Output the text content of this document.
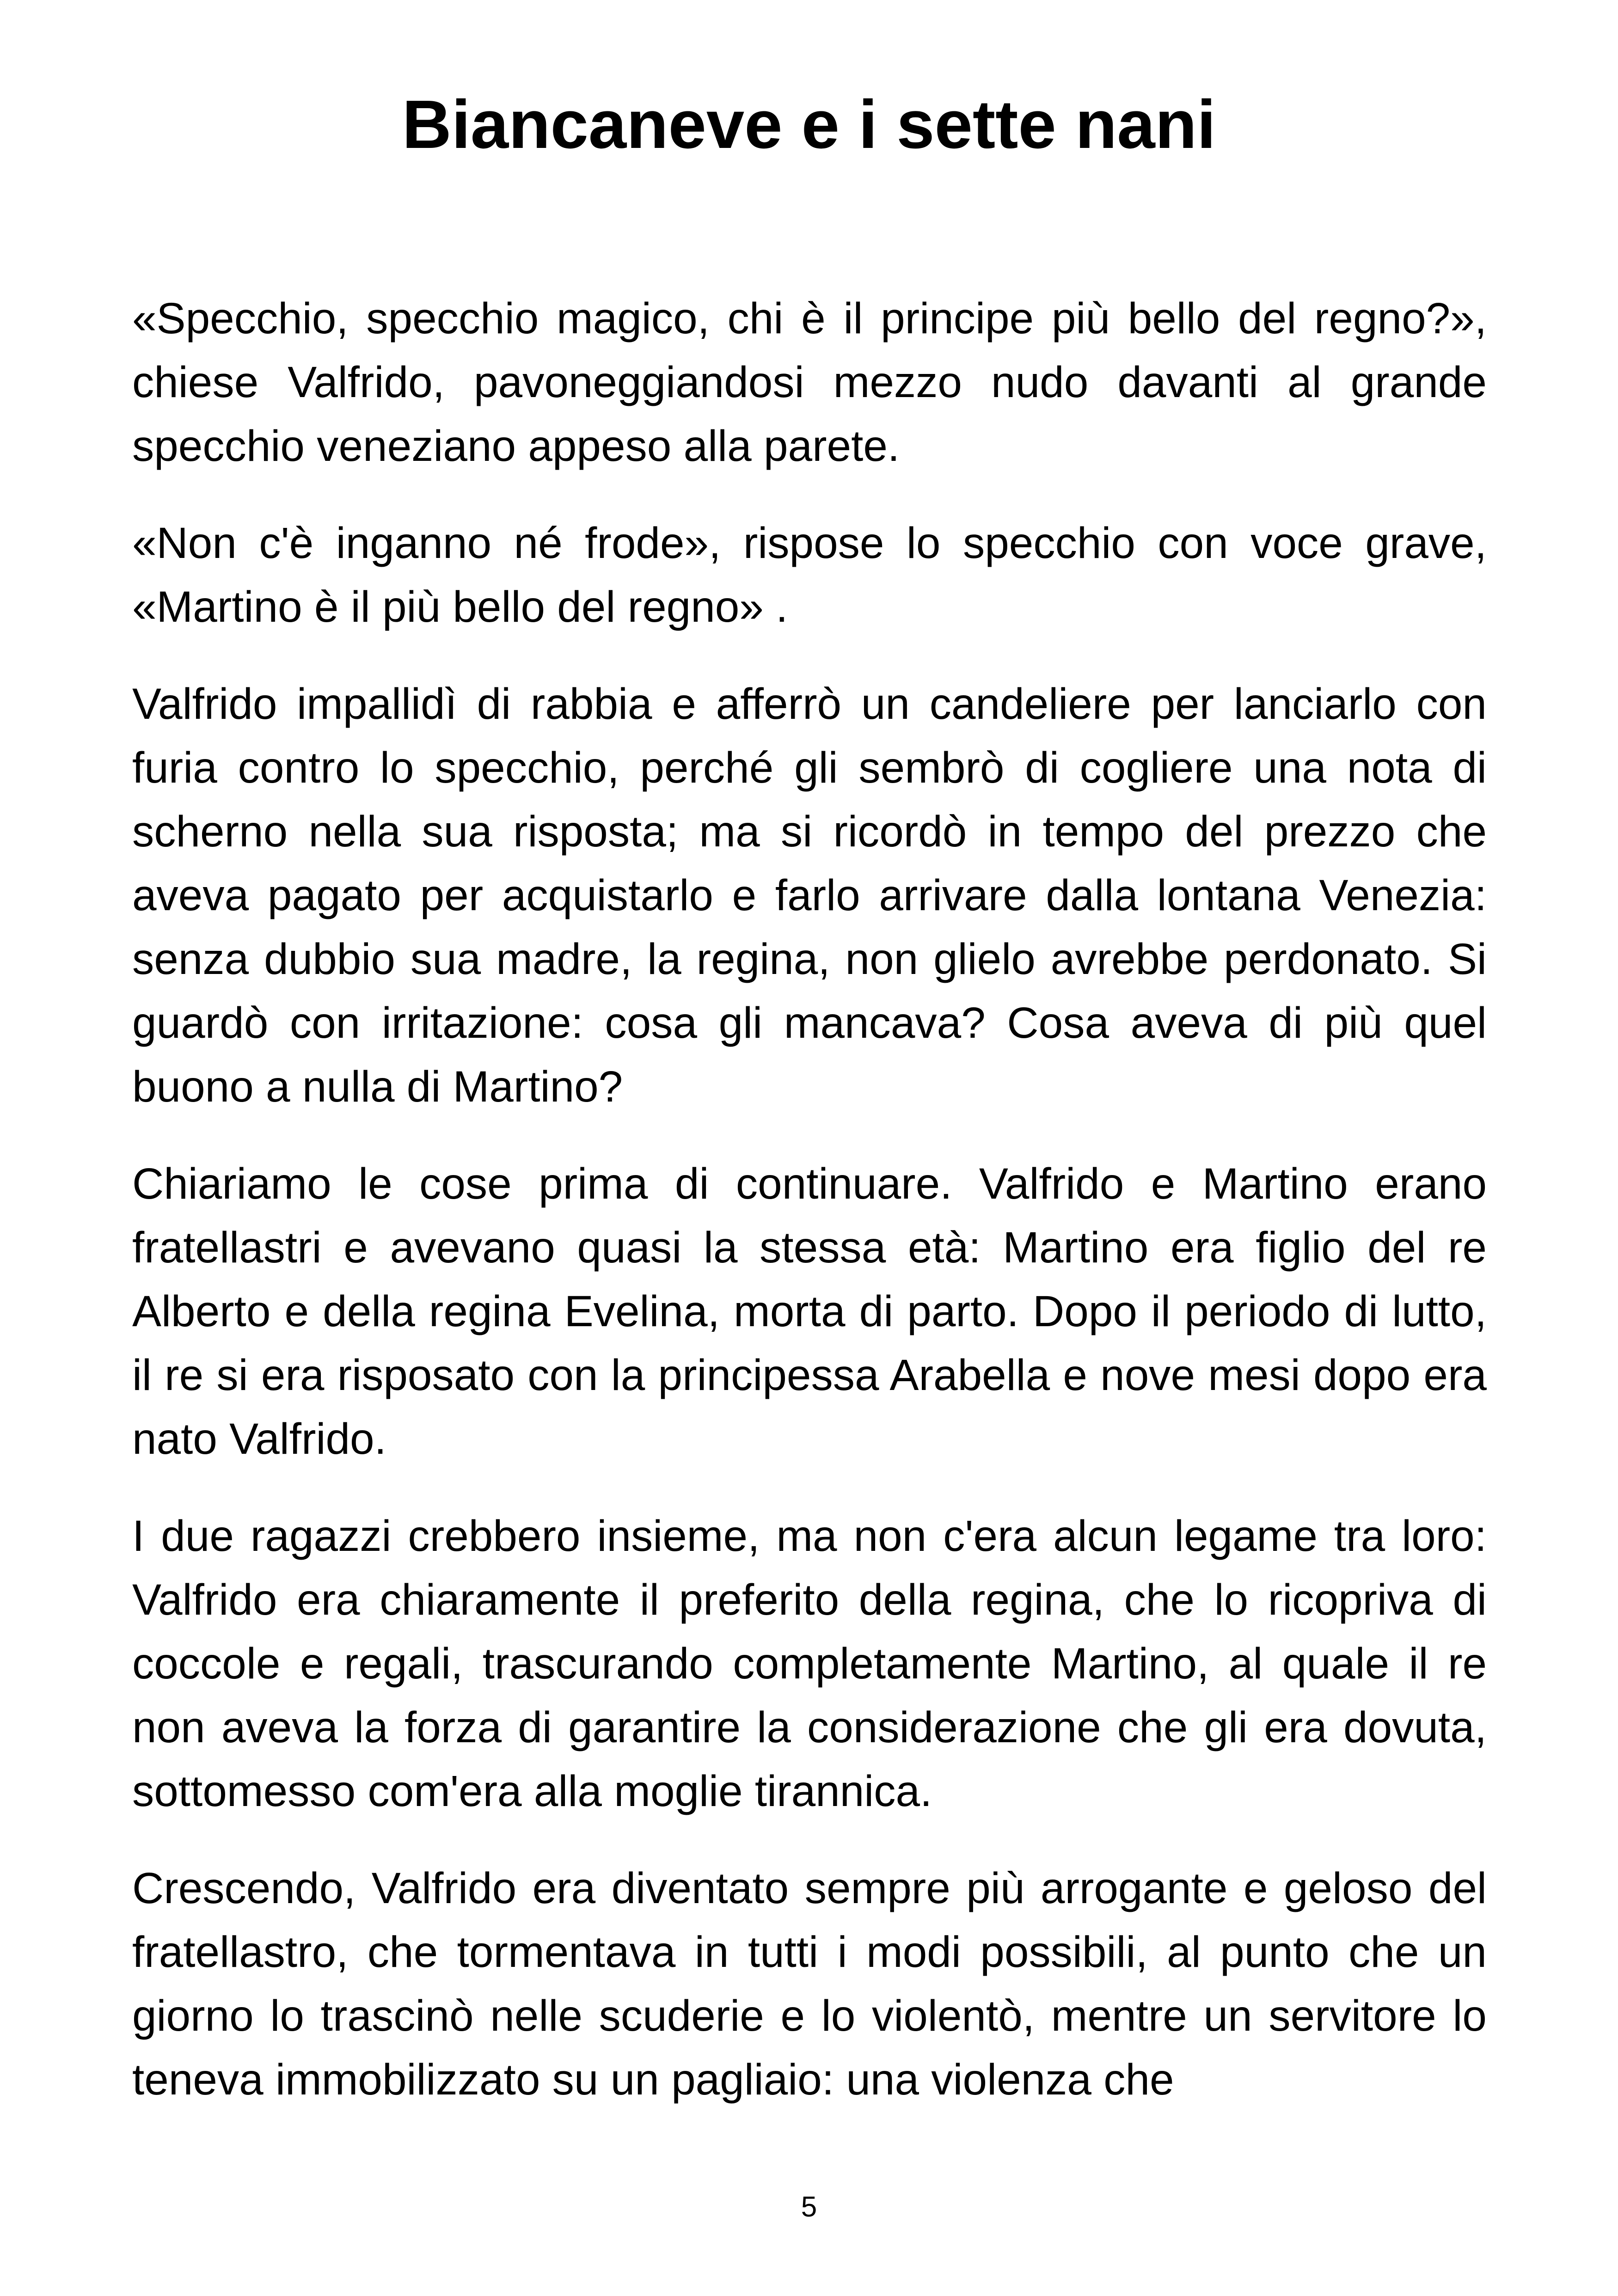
Biancaneve e i sette nani

«Specchio, specchio magico, chi è il principe più bello del regno?», chiese Valfrido, pavoneggiandosi mezzo nudo davanti al grande specchio veneziano appeso alla parete.

«Non c'è inganno né frode», rispose lo specchio con voce grave, «Martino è il più bello del regno» .

Valfrido impallidì di rabbia e afferrò un candeliere per lanciarlo con furia contro lo specchio, perché gli sembrò di cogliere una nota di scherno nella sua risposta; ma si ricordò in tempo del prezzo che aveva pagato per acquistarlo e farlo arrivare dalla lontana Venezia: senza dubbio sua madre, la regina, non glielo avrebbe perdonato. Si guardò con irritazione: cosa gli mancava? Cosa aveva di più quel buono a nulla di Martino?

Chiariamo le cose prima di continuare. Valfrido e Martino erano fratellastri e avevano quasi la stessa età: Martino era figlio del re Alberto e della regina Evelina, morta di parto. Dopo il periodo di lutto, il re si era risposato con la principessa Arabella e nove mesi dopo era nato Valfrido.

I due ragazzi crebbero insieme, ma non c'era alcun legame tra loro: Valfrido era chiaramente il preferito della regina, che lo ricopriva di coccole e regali, trascurando completamente Martino, al quale il re non aveva la forza di garantire la considerazione che gli era dovuta, sottomesso com'era alla moglie tirannica.

Crescendo, Valfrido era diventato sempre più arrogante e geloso del fratellastro, che tormentava in tutti i modi possibili, al punto che un giorno lo trascinò nelle scuderie e lo violentò, mentre un servitore lo teneva immobilizzato su un pagliaio: una violenza che

5
